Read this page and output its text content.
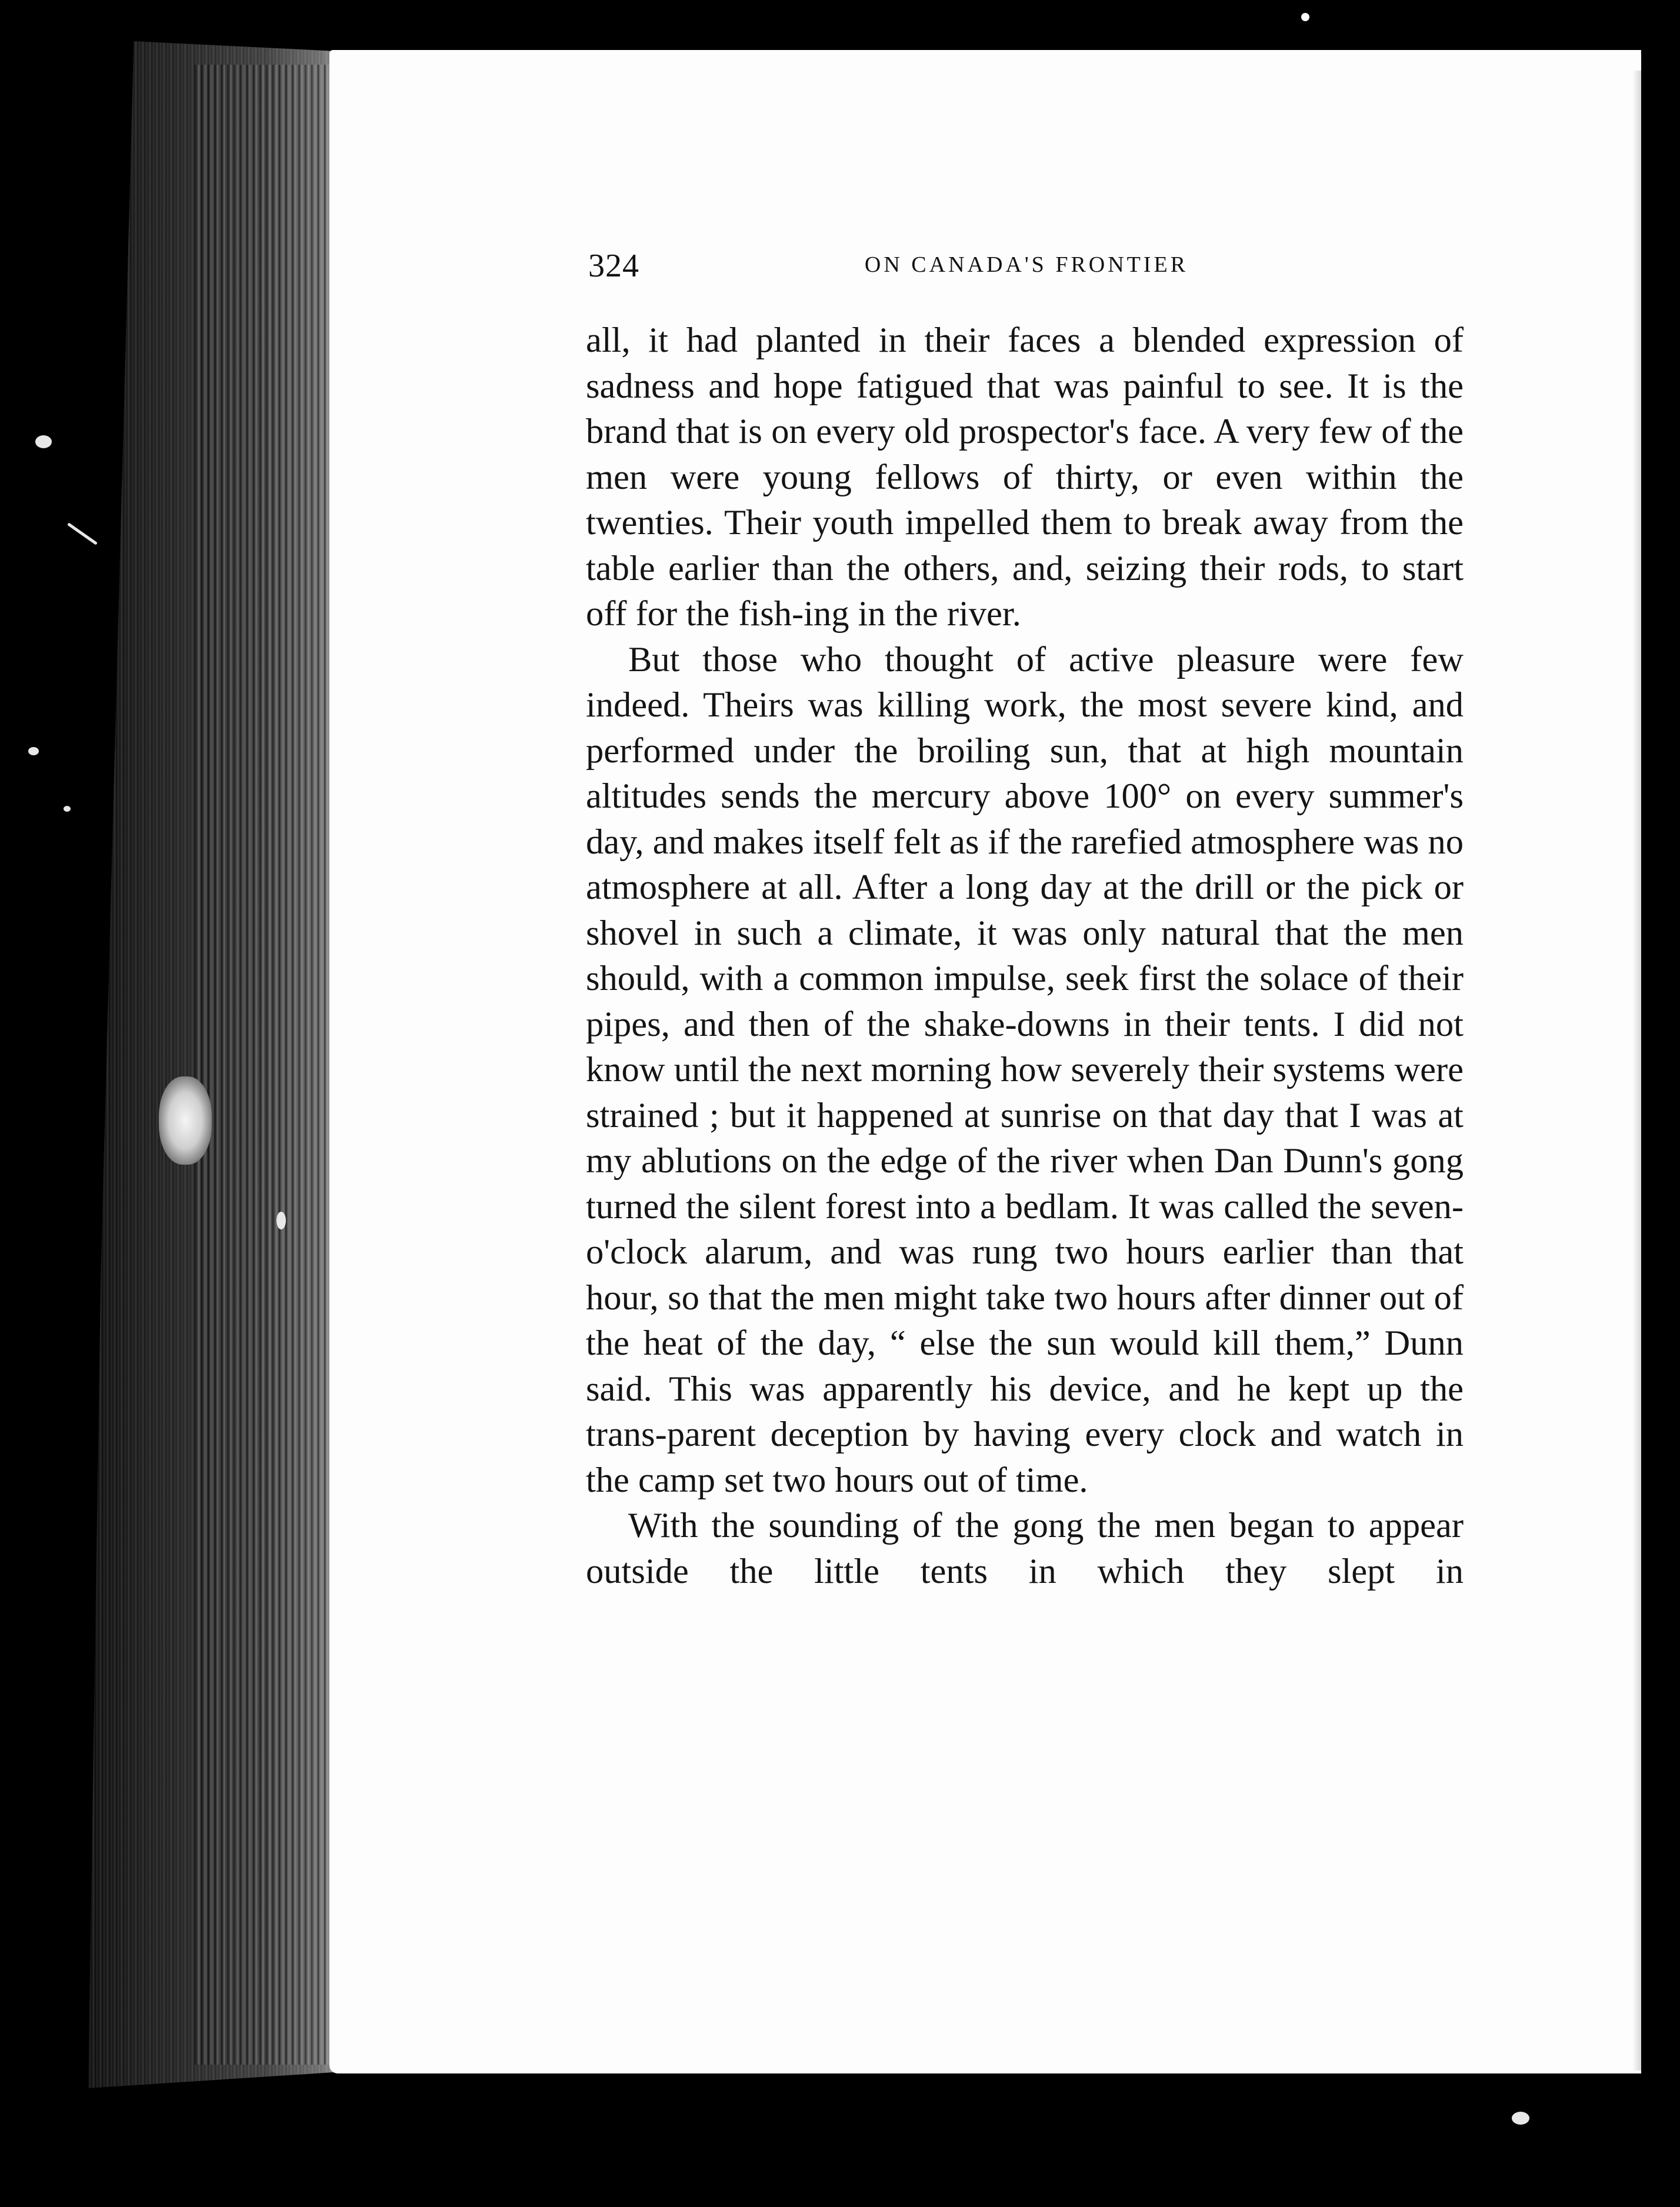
324	ON CANADA'S FRONTIER

all, it had planted in their faces a blended expression of sadness and hope fatigued that was painful to see. It is the brand that is on every old prospector's face. A very few of the men were young fellows of thirty, or even within the twenties. Their youth impelled them to break away from the table earlier than the others, and, seizing their rods, to start off for the fish-ing in the river.

But those who thought of active pleasure were few indeed. Theirs was killing work, the most severe kind, and performed under the broiling sun, that at high mountain altitudes sends the mercury above 100° on every summer's day, and makes itself felt as if the rarefied atmosphere was no atmosphere at all. After a long day at the drill or the pick or shovel in such a climate, it was only natural that the men should, with a common impulse, seek first the solace of their pipes, and then of the shake-downs in their tents. I did not know until the next morning how severely their systems were strained ; but it happened at sunrise on that day that I was at my ablutions on the edge of the river when Dan Dunn's gong turned the silent forest into a bedlam. It was called the seven-o'clock alarum, and was rung two hours earlier than that hour, so that the men might take two hours after dinner out of the heat of the day, “ else the sun would kill them,” Dunn said. This was apparently his device, and he kept up the trans-parent deception by having every clock and watch in the camp set two hours out of time.

With the sounding of the gong the men began to appear outside the little tents in which they slept in
